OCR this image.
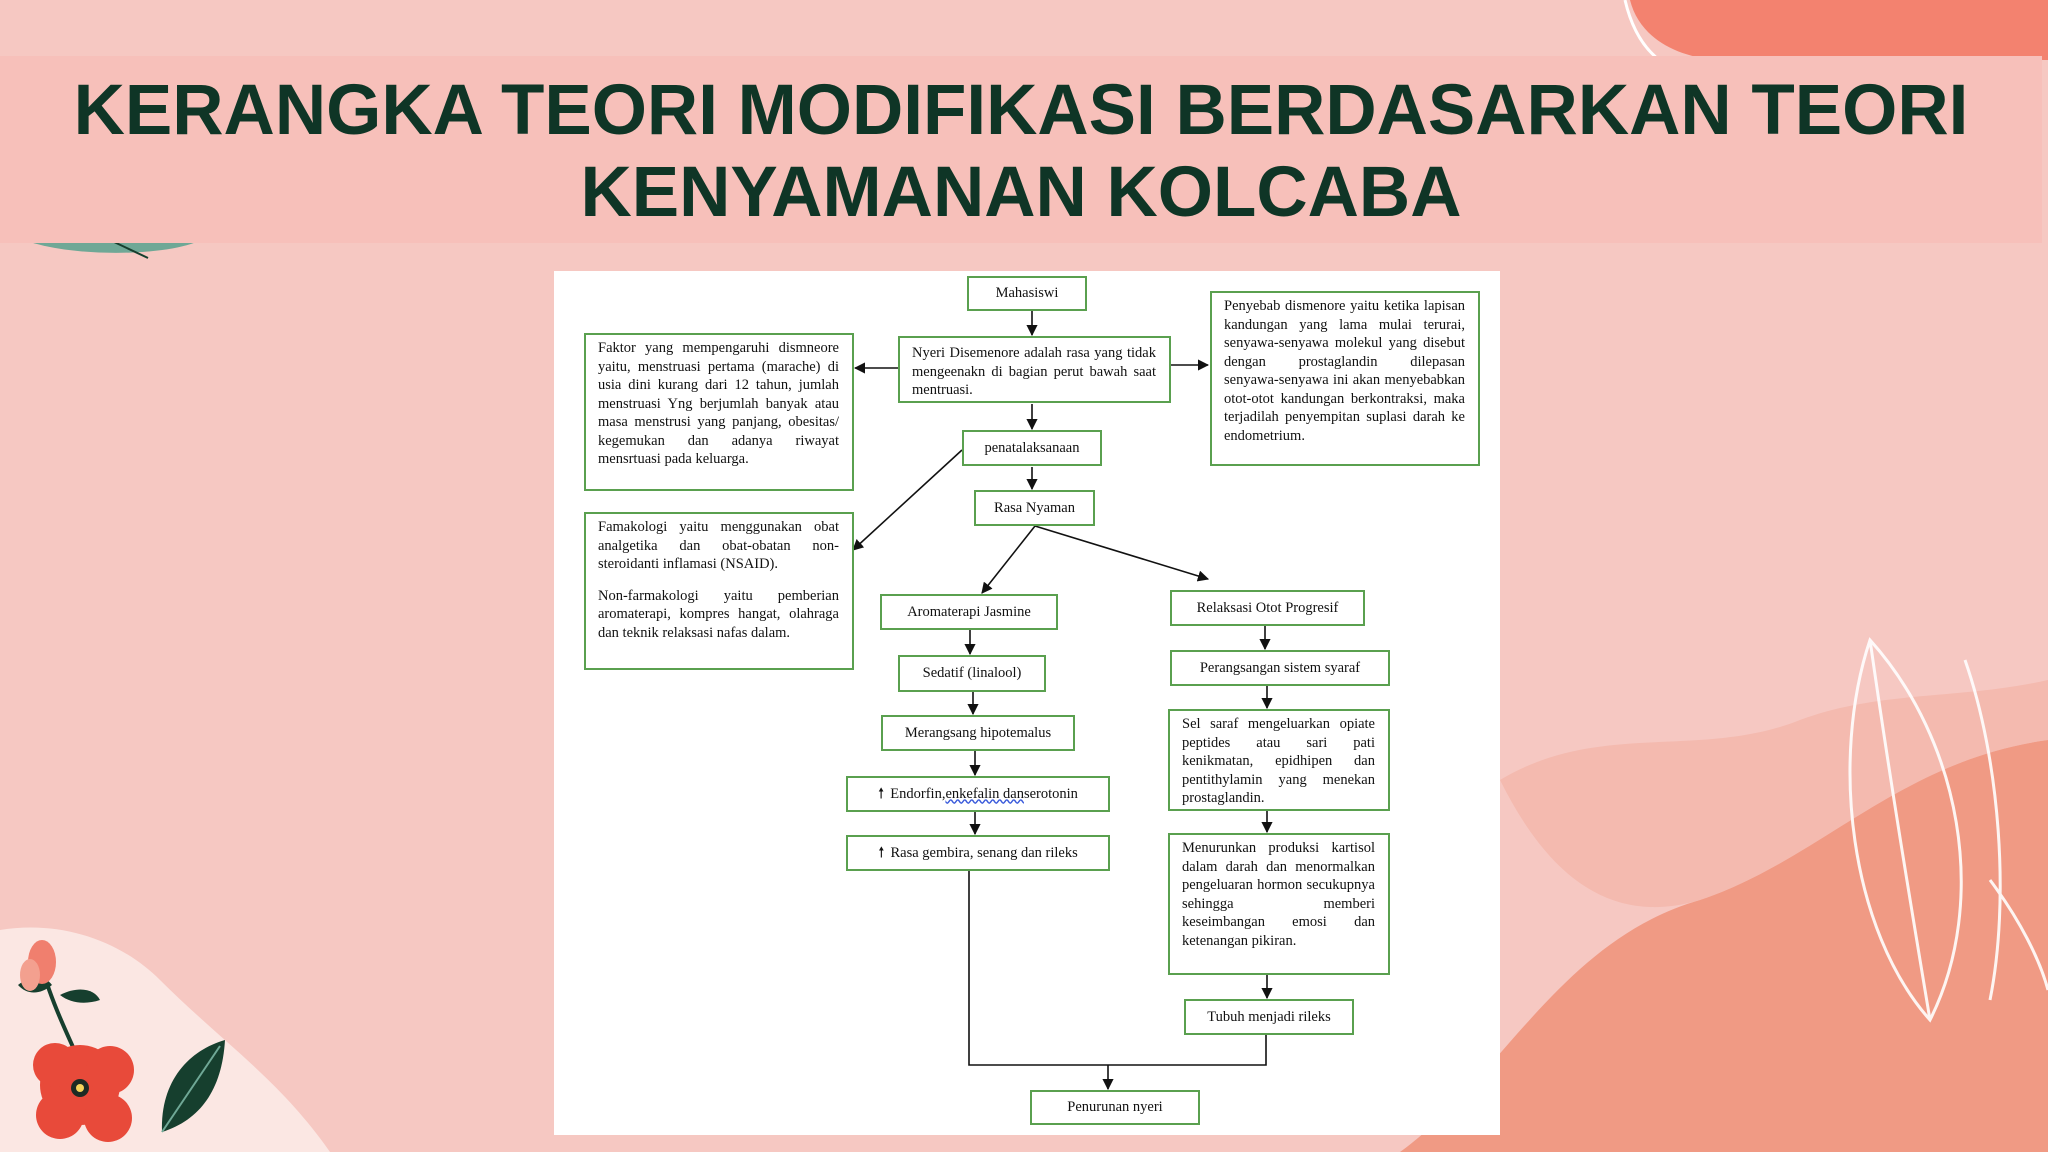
KERANGKA TEORI MODIFIKASI BERDASARKAN TEORI
KENYAMANAN KOLCABA
Mahasiswi

Nyeri Disemenore adalah rasa yang tidak mengeenakn di bagian perut bawah saat mentruasi.

Faktor yang mempengaruhi dismneore yaitu, menstruasi pertama (marache) di usia dini kurang dari 12 tahun, jumlah menstruasi Yng berjumlah banyak atau masa menstrusi yang panjang, obesitas/ kegemukan dan adanya riwayat mensrtuasi pada keluarga.

Penyebab dismenore yaitu ketika lapisan kandungan yang lama mulai terurai, senyawa-senyawa molekul yang disebut dengan prostaglandin dilepasan senyawa-senyawa ini akan menyebabkan otot-otot kandungan berkontraksi, maka terjadilah penyempitan suplasi darah ke endometrium.

penatalaksanaan

Famakologi yaitu menggunakan obat analgetika dan obat-obatan non-steroidanti inflamasi (NSAID).

Non-farmakologi yaitu pemberian aromaterapi, kompres hangat, olahraga dan teknik relaksasi nafas dalam.

Rasa Nyaman
Aromaterapi Jasmine	Relaksasi Otot Progresif
Sedatif (linalool)	Perangsangan sistem syaraf
Merangsang hipotemalus

Sel saraf mengeluarkan opiate peptides atau sari pati kenikmatan, epidhipen dan pentithylamin yang menekan prostaglandin.

🠕 Endorfin, enkefalin dan serotonin
🠕 Rasa gembira, senang dan rileks	Menurunkan produksi kartisol dalam darah dan menormalkan pengeluaran hormon secukupnya sehingga memberi keseimbangan emosi dan ketenangan pikiran.

Tubuh menjadi rileks
Penurunan nyeri
